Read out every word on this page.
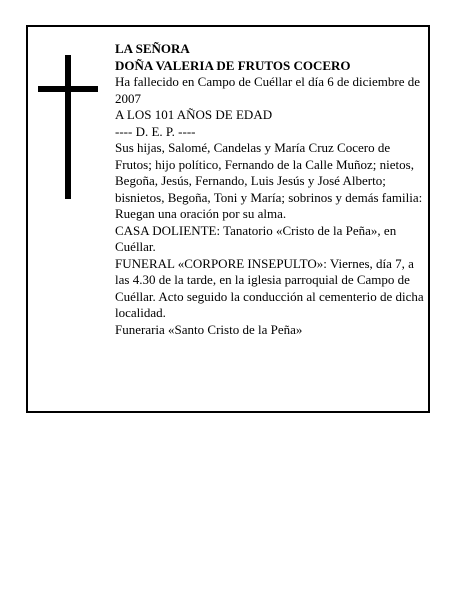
LA SEÑORA

DOÑA VALERIA DE FRUTOS COCERO

Ha fallecido en Campo de Cuéllar el día 6 de diciembre de 2007

A LOS 101 AÑOS DE EDAD

---- D. E. P. ----

Sus hijas, Salomé, Candelas y María Cruz Cocero de Frutos; hijo político, Fernando de la Calle Muñoz; nietos, Begoña, Jesús, Fernando, Luis Jesús y José Alberto; bisnietos, Begoña, Toni y María; sobrinos y demás familia:

Ruegan una oración por su alma.

CASA DOLIENTE: Tanatorio «Cristo de la Peña», en Cuéllar.

FUNERAL «CORPORE INSEPULTO»: Viernes, día 7, a las 4.30 de la tarde, en la iglesia parroquial de Campo de Cuéllar. Acto seguido la conducción al cementerio de dicha localidad.

Funeraria «Santo Cristo de la Peña»
